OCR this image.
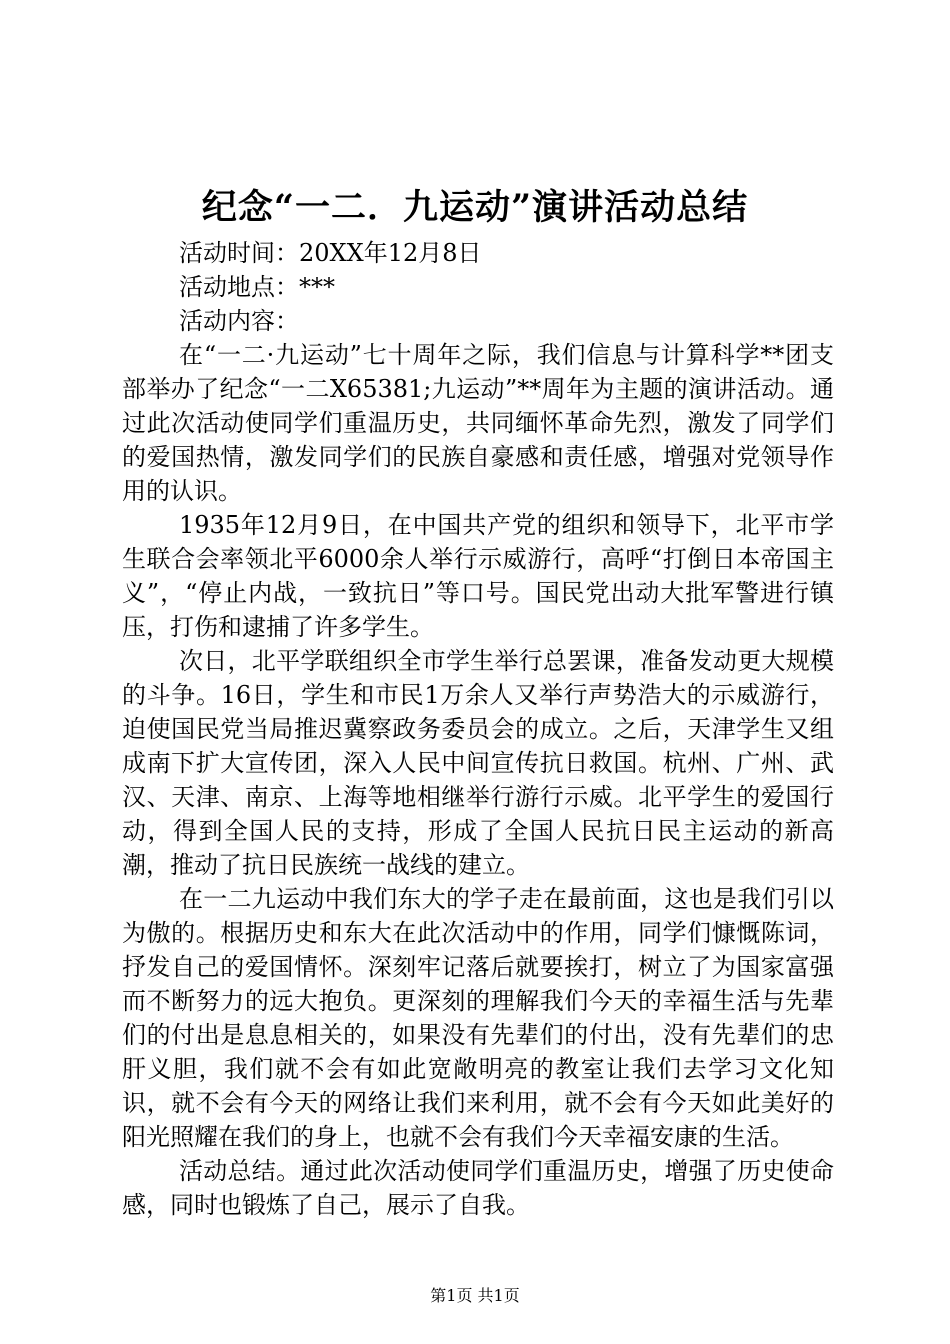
纪念“一二．九运动”演讲活动总结

活动时间：20XX年12月8日

活动地点：***

活动内容：

在“一二·九运动”七十周年之际，我们信息与计算科学**团支部举办了纪念“一二X65381;九运动”**周年为主题的演讲活动。通过此次活动使同学们重温历史，共同缅怀革命先烈，激发了同学们的爱国热情，激发同学们的民族自豪感和责任感，增强对党领导作用的认识。

1935年12月9日，在中国共产党的组织和领导下，北平市学生联合会率领北平6000余人举行示威游行，高呼“打倒日本帝国主义”，“停止内战，一致抗日”等口号。国民党出动大批军警进行镇压，打伤和逮捕了许多学生。

次日，北平学联组织全市学生举行总罢课，准备发动更大规模的斗争。16日，学生和市民1万余人又举行声势浩大的示威游行，迫使国民党当局推迟冀察政务委员会的成立。之后，天津学生又组成南下扩大宣传团，深入人民中间宣传抗日救国。杭州、广州、武汉、天津、南京、上海等地相继举行游行示威。北平学生的爱国行动，得到全国人民的支持，形成了全国人民抗日民主运动的新高潮，推动了抗日民族统一战线的建立。

在一二九运动中我们东大的学子走在最前面，这也是我们引以为傲的。根据历史和东大在此次活动中的作用，同学们慷慨陈词，抒发自己的爱国情怀。深刻牢记落后就要挨打，树立了为国家富强而不断努力的远大抱负。更深刻的理解我们今天的幸福生活与先辈们的付出是息息相关的，如果没有先辈们的付出，没有先辈们的忠肝义胆，我们就不会有如此宽敞明亮的教室让我们去学习文化知识，就不会有今天的网络让我们来利用，就不会有今天如此美好的阳光照耀在我们的身上，也就不会有我们今天幸福安康的生活。

活动总结。通过此次活动使同学们重温历史，增强了历史使命感，同时也锻炼了自己，展示了自我。

第1页 共1页
